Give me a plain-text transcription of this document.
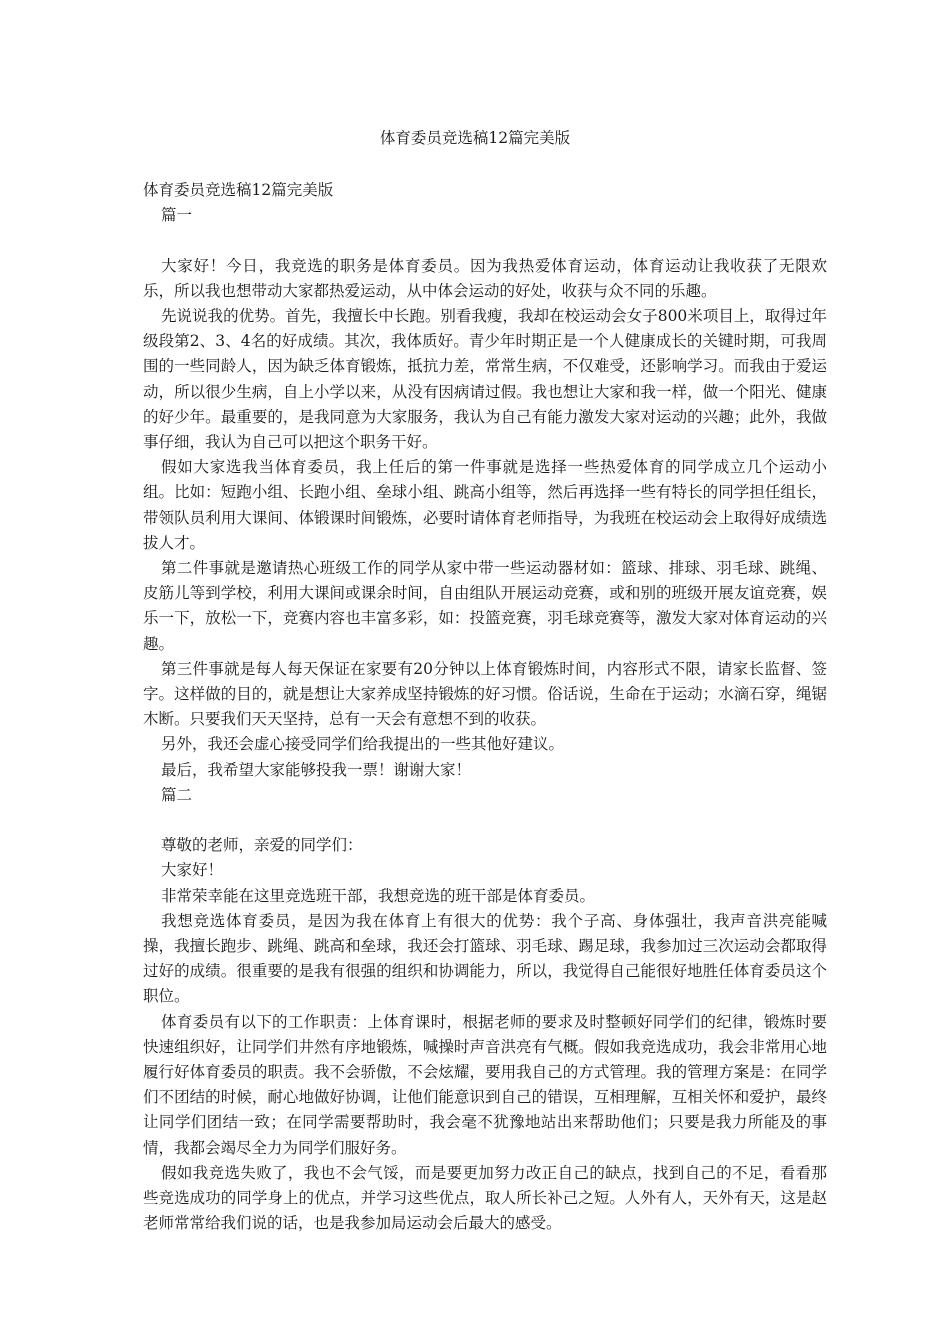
体育委员竞选稿12篇完美版

体育委员竞选稿12篇完美版

篇一

大家好！今日，我竞选的职务是体育委员。因为我热爱体育运动，体育运动让我收获了无限欢乐，所以我也想带动大家都热爱运动，从中体会运动的好处，收获与众不同的乐趣。

先说说我的优势。首先，我擅长中长跑。别看我瘦，我却在校运动会女子800米项目上，取得过年级段第2、3、4名的好成绩。其次，我体质好。青少年时期正是一个人健康成长的关键时期，可我周围的一些同龄人，因为缺乏体育锻炼，抵抗力差，常常生病，不仅难受，还影响学习。而我由于爱运动，所以很少生病，自上小学以来，从没有因病请过假。我也想让大家和我一样，做一个阳光、健康的好少年。最重要的，是我同意为大家服务，我认为自己有能力激发大家对运动的兴趣；此外，我做事仔细，我认为自己可以把这个职务干好。

假如大家选我当体育委员，我上任后的第一件事就是选择一些热爱体育的同学成立几个运动小组。比如：短跑小组、长跑小组、垒球小组、跳高小组等，然后再选择一些有特长的同学担任组长，带领队员利用大课间、体锻课时间锻炼，必要时请体育老师指导，为我班在校运动会上取得好成绩选拔人才。

第二件事就是邀请热心班级工作的同学从家中带一些运动器材如：篮球、排球、羽毛球、跳绳、皮筋儿等到学校，利用大课间或课余时间，自由组队开展运动竞赛，或和别的班级开展友谊竞赛，娱乐一下，放松一下，竞赛内容也丰富多彩，如：投篮竞赛，羽毛球竞赛等，激发大家对体育运动的兴趣。

第三件事就是每人每天保证在家要有20分钟以上体育锻炼时间，内容形式不限，请家长监督、签字。这样做的目的，就是想让大家养成坚持锻炼的好习惯。俗话说，生命在于运动；水滴石穿，绳锯木断。只要我们天天坚持，总有一天会有意想不到的收获。

另外，我还会虚心接受同学们给我提出的一些其他好建议。

最后，我希望大家能够投我一票！谢谢大家！

篇二

尊敬的老师，亲爱的同学们：

大家好！

非常荣幸能在这里竞选班干部，我想竞选的班干部是体育委员。

我想竞选体育委员，是因为我在体育上有很大的优势：我个子高、身体强壮，我声音洪亮能喊操，我擅长跑步、跳绳、跳高和垒球，我还会打篮球、羽毛球、踢足球，我参加过三次运动会都取得过好的成绩。很重要的是我有很强的组织和协调能力，所以，我觉得自己能很好地胜任体育委员这个职位。

体育委员有以下的工作职责：上体育课时，根据老师的要求及时整顿好同学们的纪律，锻炼时要快速组织好，让同学们井然有序地锻炼，喊操时声音洪亮有气概。假如我竞选成功，我会非常用心地履行好体育委员的职责。我不会骄傲，不会炫耀，要用我自己的方式管理。我的管理方案是：在同学们不团结的时候，耐心地做好协调，让他们能意识到自己的错误，互相理解，互相关怀和爱护，最终让同学们团结一致；在同学需要帮助时，我会毫不犹豫地站出来帮助他们；只要是我力所能及的事情，我都会竭尽全力为同学们服好务。

假如我竞选失败了，我也不会气馁，而是要更加努力改正自己的缺点，找到自己的不足，看看那些竞选成功的同学身上的优点，并学习这些优点，取人所长补己之短。人外有人，天外有天，这是赵老师常常给我们说的话，也是我参加局运动会后最大的感受。
